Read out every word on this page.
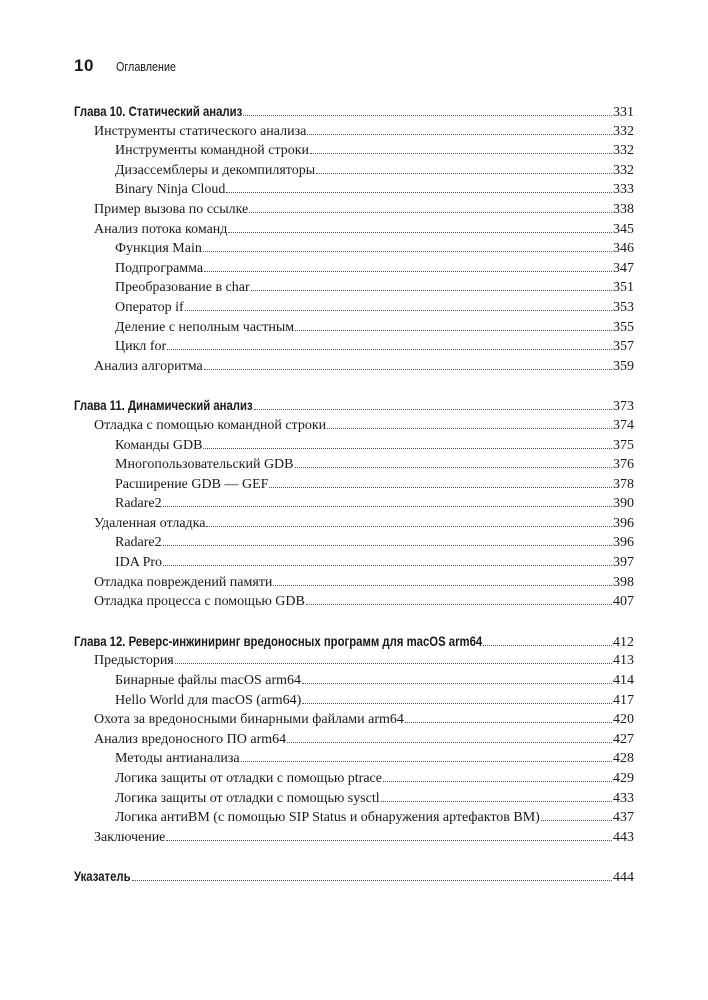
10 Оглавление
Глава 10. Статический анализ	331
Инструменты статического анализа	332
Инструменты командной строки	332
Дизассемблеры и декомпиляторы	332
Binary Ninja Cloud	333
Пример вызова по ссылке	338
Анализ потока команд	345
Функция Main	346
Подпрограмма	347
Преобразование в char	351
Оператор if	353
Деление с неполным частным	355
Цикл for	357
Анализ алгоритма	359
Глава 11. Динамический анализ	373
Отладка с помощью командной строки	374
Команды GDB	375
Многопользовательский GDB	376
Расширение GDB — GEF	378
Radare2	390
Удаленная отладка	396
Radare2	396
IDA Pro	397
Отладка повреждений памяти	398
Отладка процесса с помощью GDB	407
Глава 12. Реверс-инжиниринг вредоносных программ для macOS arm64	412
Предыстория	413
Бинарные файлы macOS arm64	414
Hello World для macOS (arm64)	417
Охота за вредоносными бинарными файлами arm64	420
Анализ вредоносного ПО arm64	427
Методы антианализа	428
Логика защиты от отладки с помощью ptrace	429
Логика защиты от отладки с помощью sysctl	433
Логика антиВМ (с помощью SIP Status и обнаружения артефактов ВМ)	437
Заключение	443
Указатель	444
